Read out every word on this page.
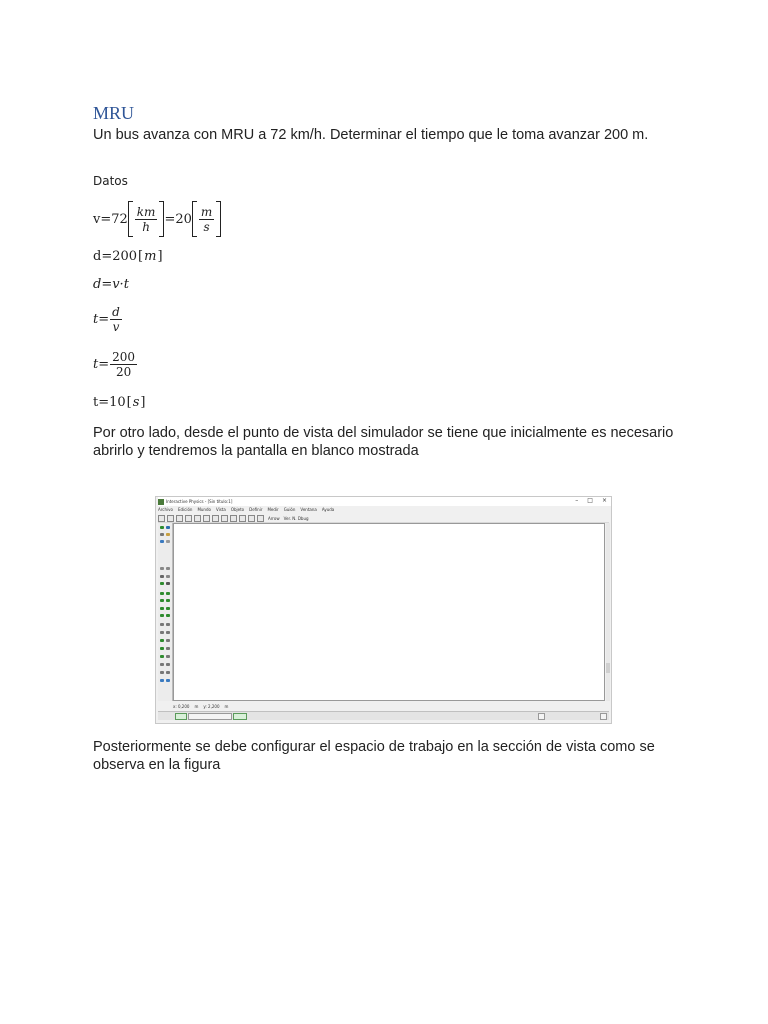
MRU
Un bus avanza con MRU a 72 km/h. Determinar el tiempo que le toma avanzar 200 m.
Datos
$v=72 \frac{km}{h} =20 \frac{m}{s}$
d=200 [ m ]
d=v·t
$t= \frac{d}{v}$
$t= \frac{200}{20}$
t=10 [ s ]
Por otro lado, desde el punto de vista del simulador se tiene que inicialmente es necesario abrirlo y tendremos la pantalla en blanco mostrada
Interactive Physics - [Sin título:1]	– □ ×
Archivo Edición Mundo Vista Objeto Definir Medir Guión Ventana Ayuda
Arrow Ver. N. Dbug
x: 0,200 m y: 2,200 m
Posteriormente se debe configurar el espacio de trabajo en la sección de vista como se observa en la figura
